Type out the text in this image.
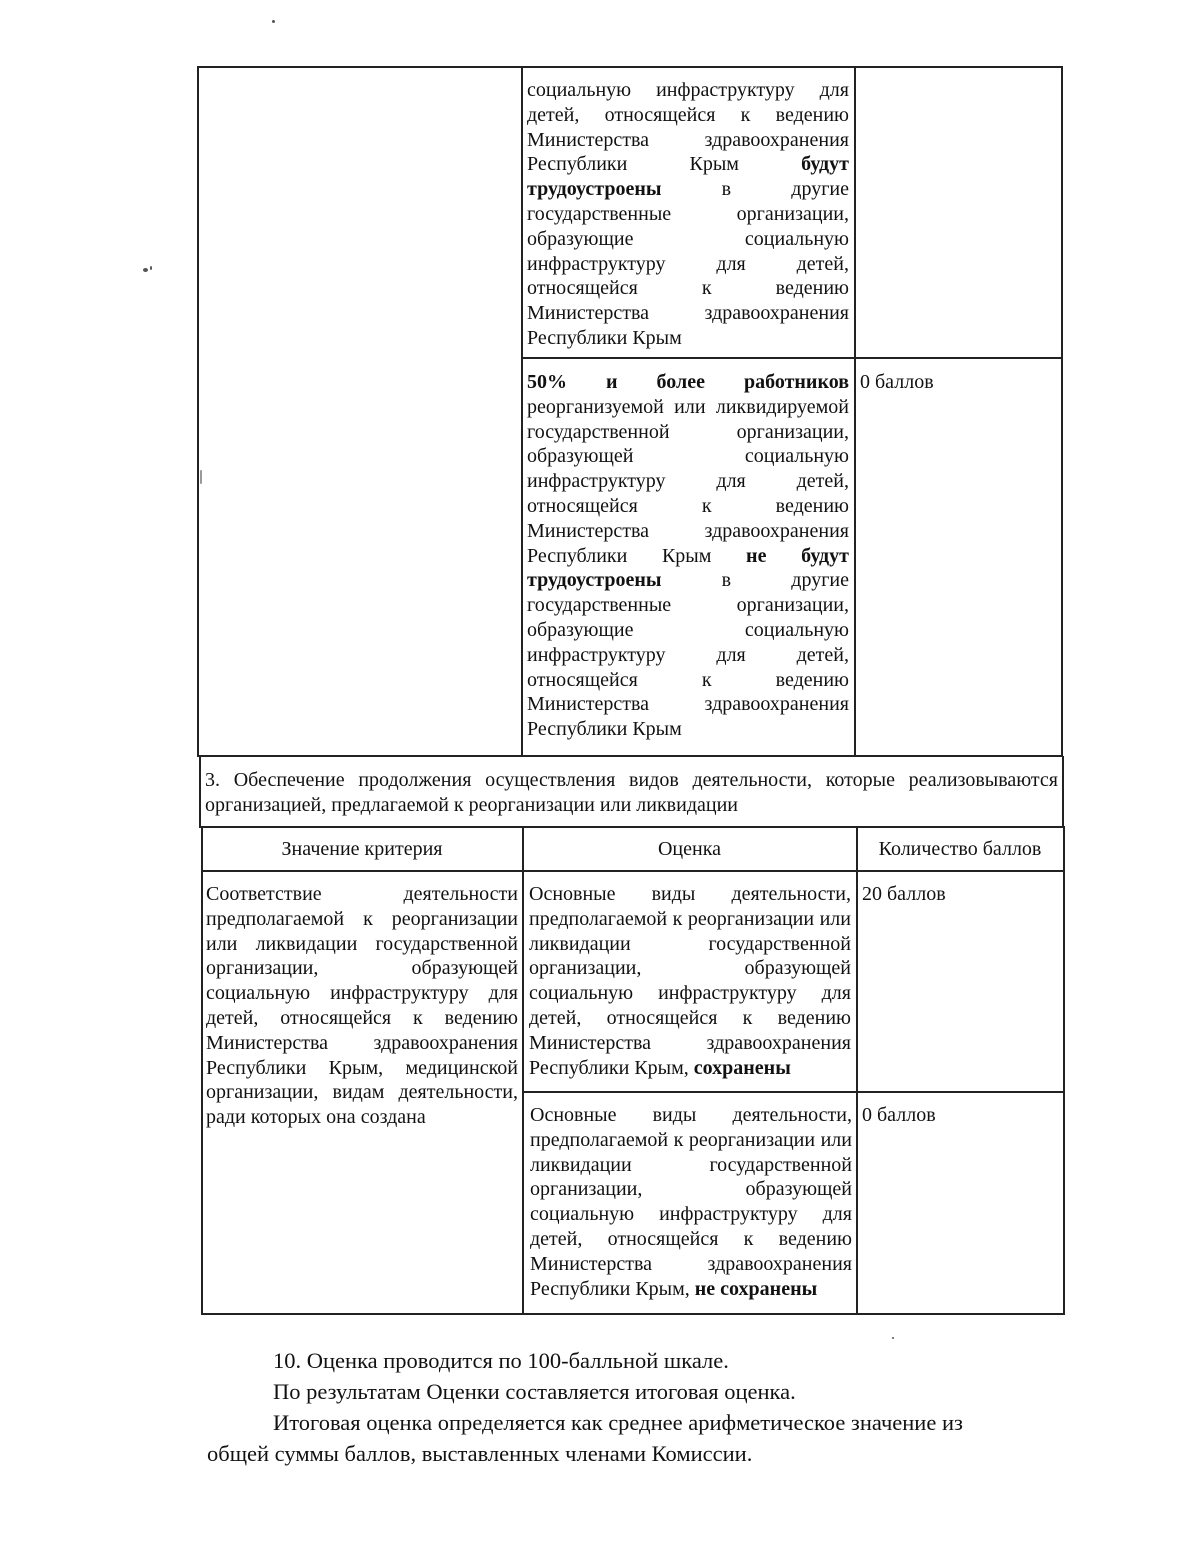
социальную инфраструктуру для детей, относящейся к ведению Министерства здравоохранения Республики Крым будут трудоустроены в другие государственные организации, образующие социальную инфраструктуру для детей, относящейся к ведению Министерства здравоохранения Республики Крым
50% и более работников реорганизуемой или ликвидируемой государственной организации, образующей социальную инфраструктуру для детей, относящейся к ведению Министерства здравоохранения Республики Крым не будут трудоустроены в другие государственные организации, образующие социальную инфраструктуру для детей, относящейся к ведению Министерства здравоохранения Республики Крым
0 баллов
3. Обеспечение продолжения осуществления видов деятельности, которые реализовываются организацией, предлагаемой к реорганизации или ликвидации
Значение критерия	Оценка	Количество баллов
Соответствие деятельности предполагаемой к реорганизации или ликвидации государственной организации, образующей социальную инфраструктуру для детей, относящейся к ведению Министерства здравоохранения Республики Крым, медицинской организации, видам деятельности, ради которых она создана
Основные виды деятельности, предполагаемой к реорганизации или ликвидации государственной организации, образующей социальную инфраструктуру для детей, относящейся к ведению Министерства здравоохранения Республики Крым, сохранены
20 баллов
Основные виды деятельности, предполагаемой к реорганизации или ликвидации государственной организации, образующей социальную инфраструктуру для детей, относящейся к ведению Министерства здравоохранения Республики Крым, не сохранены
0 баллов
10. Оценка проводится по 100-балльной шкале.
По результатам Оценки составляется итоговая оценка.
Итоговая оценка определяется как среднее арифметическое значение из
общей суммы баллов, выставленных членами Комиссии.
